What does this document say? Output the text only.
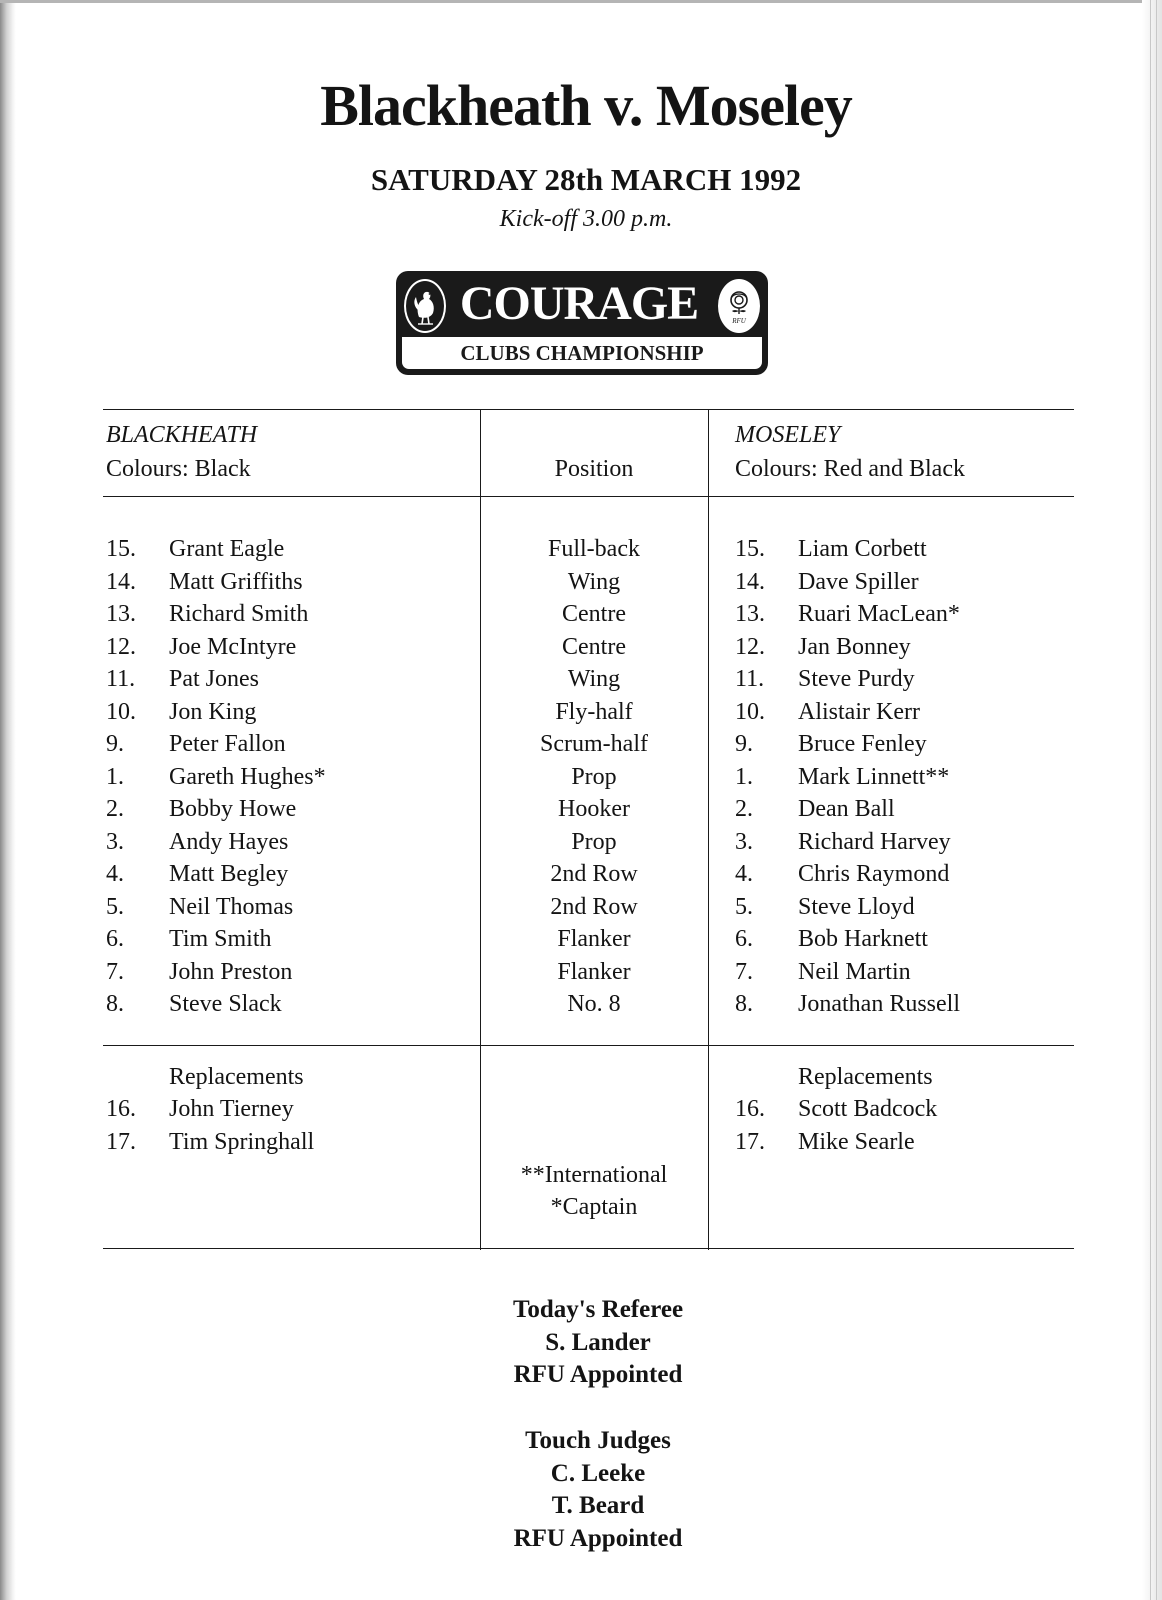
Blackheath v. Moseley
SATURDAY 28th MARCH 1992
Kick-off 3.00 p.m.
COURAGE	RFU
CLUBS CHAMPIONSHIP
BLACKHEATH
Colours: Black	Position
MOSELEY
Colours: Red and Black
15. Grant Eagle
14. Matt Griffiths
13. Richard Smith
12. Joe McIntyre
11. Pat Jones
10. Jon King
9. Peter Fallon
1. Gareth Hughes*
2. Bobby Howe
3. Andy Hayes
4. Matt Begley
5. Neil Thomas
6. Tim Smith
7. John Preston
8. Steve Slack
Full-back
Wing
Centre
Centre
Wing
Fly-half
Scrum-half
Prop
Hooker
Prop
2nd Row
2nd Row
Flanker
Flanker
No. 8
15. Liam Corbett
14. Dave Spiller
13. Ruari MacLean*
12. Jan Bonney
11. Steve Purdy
10. Alistair Kerr
9. Bruce Fenley
1. Mark Linnett**
2. Dean Ball
3. Richard Harvey
4. Chris Raymond
5. Steve Lloyd
6. Bob Harknett
7. Neil Martin
8. Jonathan Russell
Replacements
16. John Tierney
17. Tim Springhall
Replacements
16. Scott Badcock
17. Mike Searle
**International
*Captain
Today's Referee
S. Lander
RFU Appointed
Touch Judges
C. Leeke
T. Beard
RFU Appointed
